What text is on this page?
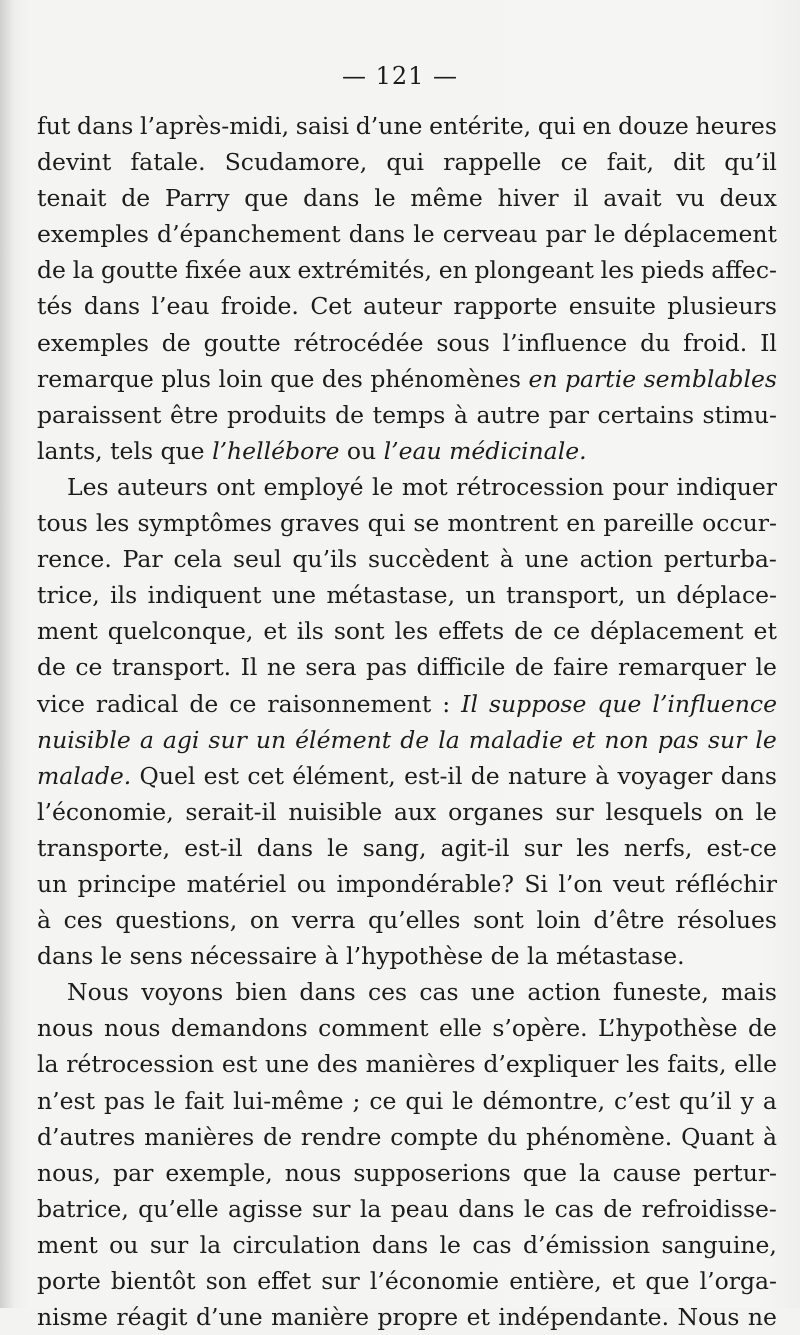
— 121 —
fut dans l’après-midi, saisi d’une entérite, qui en douze heures
devint fatale. Scudamore, qui rappelle ce fait, dit qu’il
tenait de Parry que dans le même hiver il avait vu deux
exemples d’épanchement dans le cerveau par le déplacement
de la goutte fixée aux extrémités, en plongeant les pieds affec-
tés dans l’eau froide. Cet auteur rapporte ensuite plusieurs
exemples de goutte rétrocédée sous l’influence du froid. Il
remarque plus loin que des phénomènes en partie semblables
paraissent être produits de temps à autre par certains stimu-
lants, tels que l’hellébore ou l’eau médicinale.
Les auteurs ont employé le mot rétrocession pour indiquer
tous les symptômes graves qui se montrent en pareille occur-
rence. Par cela seul qu’ils succèdent à une action perturba-
trice, ils indiquent une métastase, un transport, un déplace-
ment quelconque, et ils sont les effets de ce déplacement et
de ce transport. Il ne sera pas difficile de faire remarquer le
vice radical de ce raisonnement : Il suppose que l’influence
nuisible a agi sur un élément de la maladie et non pas sur le
malade. Quel est cet élément, est-il de nature à voyager dans
l’économie, serait-il nuisible aux organes sur lesquels on le
transporte, est-il dans le sang, agit-il sur les nerfs, est-ce
un principe matériel ou impondérable? Si l’on veut réfléchir
à ces questions, on verra qu’elles sont loin d’être résolues
dans le sens nécessaire à l’hypothèse de la métastase.
Nous voyons bien dans ces cas une action funeste, mais
nous nous demandons comment elle s’opère. L’hypothèse de
la rétrocession est une des manières d’expliquer les faits, elle
n’est pas le fait lui-même ; ce qui le démontre, c’est qu’il y a
d’autres manières de rendre compte du phénomène. Quant à
nous, par exemple, nous supposerions que la cause pertur-
batrice, qu’elle agisse sur la peau dans le cas de refroidisse-
ment ou sur la circulation dans le cas d’émission sanguine,
porte bientôt son effet sur l’économie entière, et que l’orga-
nisme réagit d’une manière propre et indépendante. Nous ne
